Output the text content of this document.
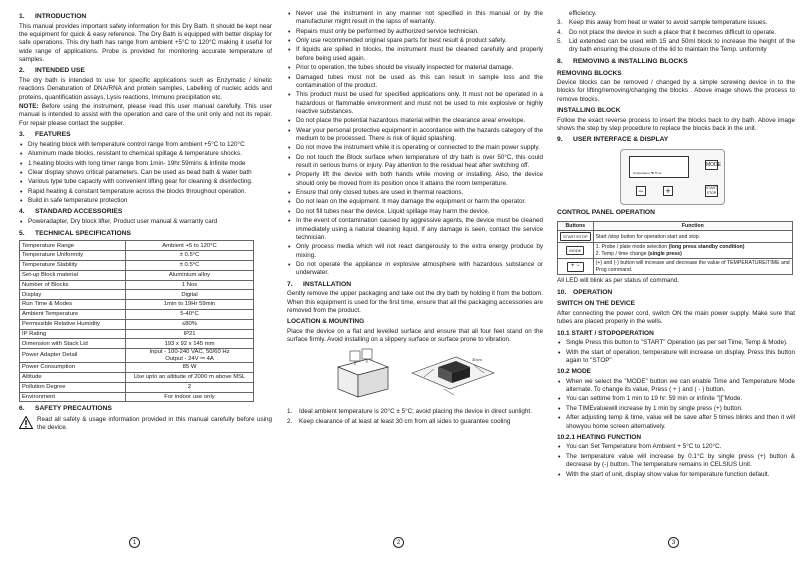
1. INTRODUCTION

This manual provides important safety information for this Dry Bath. It should be kept near the equipment for quick & easy reference. The Dry Bath is equipped with better display for safe operations. This dry bath has range from ambient +5°C to 120°C making it useful for wide range of applications. Probe is provided for monitoring accurate temperature of samples.

2. INTENDED USE

The dry bath is intended to use for specific applications such as Enzymatic / kinetic reactions Denaturation of DNA/RNA and protein samples, Labelling of nucleic acids and proteins, quantification assays, Lysis reactions, Immuno precipitation etc.

NOTE: Before using the instrument, please read this user manual carefully. This user manual is intended to assist with the operation and care of the unit only and not its repair. For repair please contact the supplier.

3. FEATURES
• Dry heating block with temperature control range from ambient +5°C to 120°C
• Aluminum made blocks, resistant to chemical spillage & temperature shocks.
• 1 heating blocks with long timer range from 1min- 19hr:59mins & infinite mode
• Clear display shows critical parameters, Can be used as bead bath & water bath
• Various type tube capacity with convenient lifting gear for cleaning & disinfecting.
• Rapid heating & constant temperature across the blocks throughout operation.
• Build in safe temperature protection
4. STANDARD ACCESSORIES
• Poweradapter, Dry block lifter, Product user manual & warranty card
5. TECHNICAL SPECIFICATIONS
Temperature Range	Ambient +5 to 120°C
Temperature Uniformity	± 0.5°C
Temperature Stability	± 0.5°C
Set-up Block material	Aluminium alloy
Number of Blocks	1 Nos
Display	Digital
Run Time & Modes	1min to 19Hr 59min
Ambient Temperature	5-40°C
Permissible Relative Humidity	≤80%
IP Rating	IP21
Dimension with Stack Lid	193 x 92 x 145 mm
Power Adapter Detail	Input - 100-240 VAC, 50/60 Hz
Output - 24V ⎓ 4A
Power Consumption	85 W
Altitude	Use upto an altitude of 2000 m above MSL
Pollution Degree	2
Environment	For indoor use only
6. SAFETY PRECAUTIONS

Read all safety & usage information provided in this manual carefully before using the device.

1
• Never use the instrument in any manner not specified in this manual or by the manufacturer might result in the lapss of warranty.
• Repairs must only be performed by authorized service technician.
• Only use recommended original spare parts for best result & product safety.
• If liquids are spilled in blocks, the instrument must be cleaned carefully and properly before being used again.
• Prior to operation, the tubes should be visually inspected for material damage.
• Damaged tubes must not be used as this can result in sample loss and the contamination of the product.
• This product must be used for specified applications only. It must not be operated in a hazardous or flammable environment and must not be used to mix explosive or highly reactive substances.
• Do not place the potential hazardous material within the clearance area/ envelope.
• Wear your personal protective equipment in accordance with the hazards category of the medium to be processed. There is risk of liquid splashing.
• Do not move the instrument while it is operating or connected to the main power supply.
• Do not touch the Block surface when temperature of dry bath is over 50°C, this could result in serious burns or injury. Pay attention to the residual heat after switching off.
• Properly lift the device with both hands while moving or installing. Also, the device should only be moved from its position once it attains the room temperature.
• Ensure that only closed tubes are used in thermal reactions.
• Do not lean on the equipment. It may damage the equipment or harm the operator.
• Do not fill tubes near the device. Liquid spillage may harm the device.
• In the event of contamination caused by aggressive agents, the device must be cleaned immediately using a natural cleaning liquid. If any damage is seen, contact the service technician.
• Only process media which will not react dangerously to the extra energy produce by mixing.
• Do not operate the appliance in explosive atmosphere with hazardous substance or underwater.
7. INSTALLATION

Gently remove the upper packaging and take out the dry bath by holding it from the bottom. When this equipment is used for the first time, ensure that all the packaging accessories are removed from the product.

LOCATION & MOUNTING

Place the device on a flat and levelled surface and ensure that all four feet stand on the surface firmly. Avoid installing on a slippery surface or surface prone to vibration.

30cm
1. Ideal ambient temperature is 20°C ± 5°C; avoid placing the device in direct sunlight.
2. Keep clearance of at least at least 30 cm from all sides to guarantee cooling
2

efficiency.

3. Keep this away from heat or water to avoid sample temperature issues.
4. Do not place the device in such a place that it becomes difficult to operate.
5. Lid extended can be used with 15 and 50ml block to increase the height of the dry bath ensuring the closure of the lid to maintain the Temp. uniformity
8. REMOVING & INSTALLING BLOCKS
REMOVING BLOCKS

Device blocks can be removed / changed by a simple screwing device in to the blocks for lifting/removing/changing the blocks . Above image shows the process to remove blocks.

INSTALLING BLOCK

Follow the exact reverse process to insert the blocks back to dry bath. Above image shows the step by step procedure to replace the blocks back in the unit.

9. USER INTERFACE & DISPLAY
Temperature ℃ Time
MODE
− +	START
STOP
CONTROL PANEL OPERATION
Buttons	Function
START/STOP	Start /stop button for operation start and stop.
MODE	1. Probe / plate mode selection (long press standby condition)
2. Temp / time change (single press)
+ −	(+) and (-) button will increase and decrease the value of TEMPERATURE/TIME and Prog command.

All LED will blink as per status of command.

10. OPERATION
SWITCH ON THE DEVICE

After connecting the power cord, switch ON the main power supply. Make sure that tubes are placed properly in the wells.

10.1 START / STOPOPERATION
• Single Press this button to "START" Operation (as per set Time, Temp & Mode).
• With the start of operation, temperature will increase on display. Press this button again to "STOP"
10.2 MODE
• When we select the "MODE" button we can enable Time and Temperature Mode alternate. To change its value, Press ( + ) and ( - ) button.
• You can settime from 1 min to 19 hr: 59 min or infinite "]["Mode.
• The TIMEvaluewill increase by 1 min by single press (+) button.
• After adjusting temp & time, value will be save after 5 times blinks and then it will showyou home screen alternatively.
10.2.1 HEATING FUNCTION
• You can Set Temperature from Ambient + 5°C to 120°C.
• The temperature value will increase by 0.1°C by single press (+) button & decrease by (-) button. The temperature remains in CELSIUS Unit.
• With the start of unit, display show value for temperature function default.
3
